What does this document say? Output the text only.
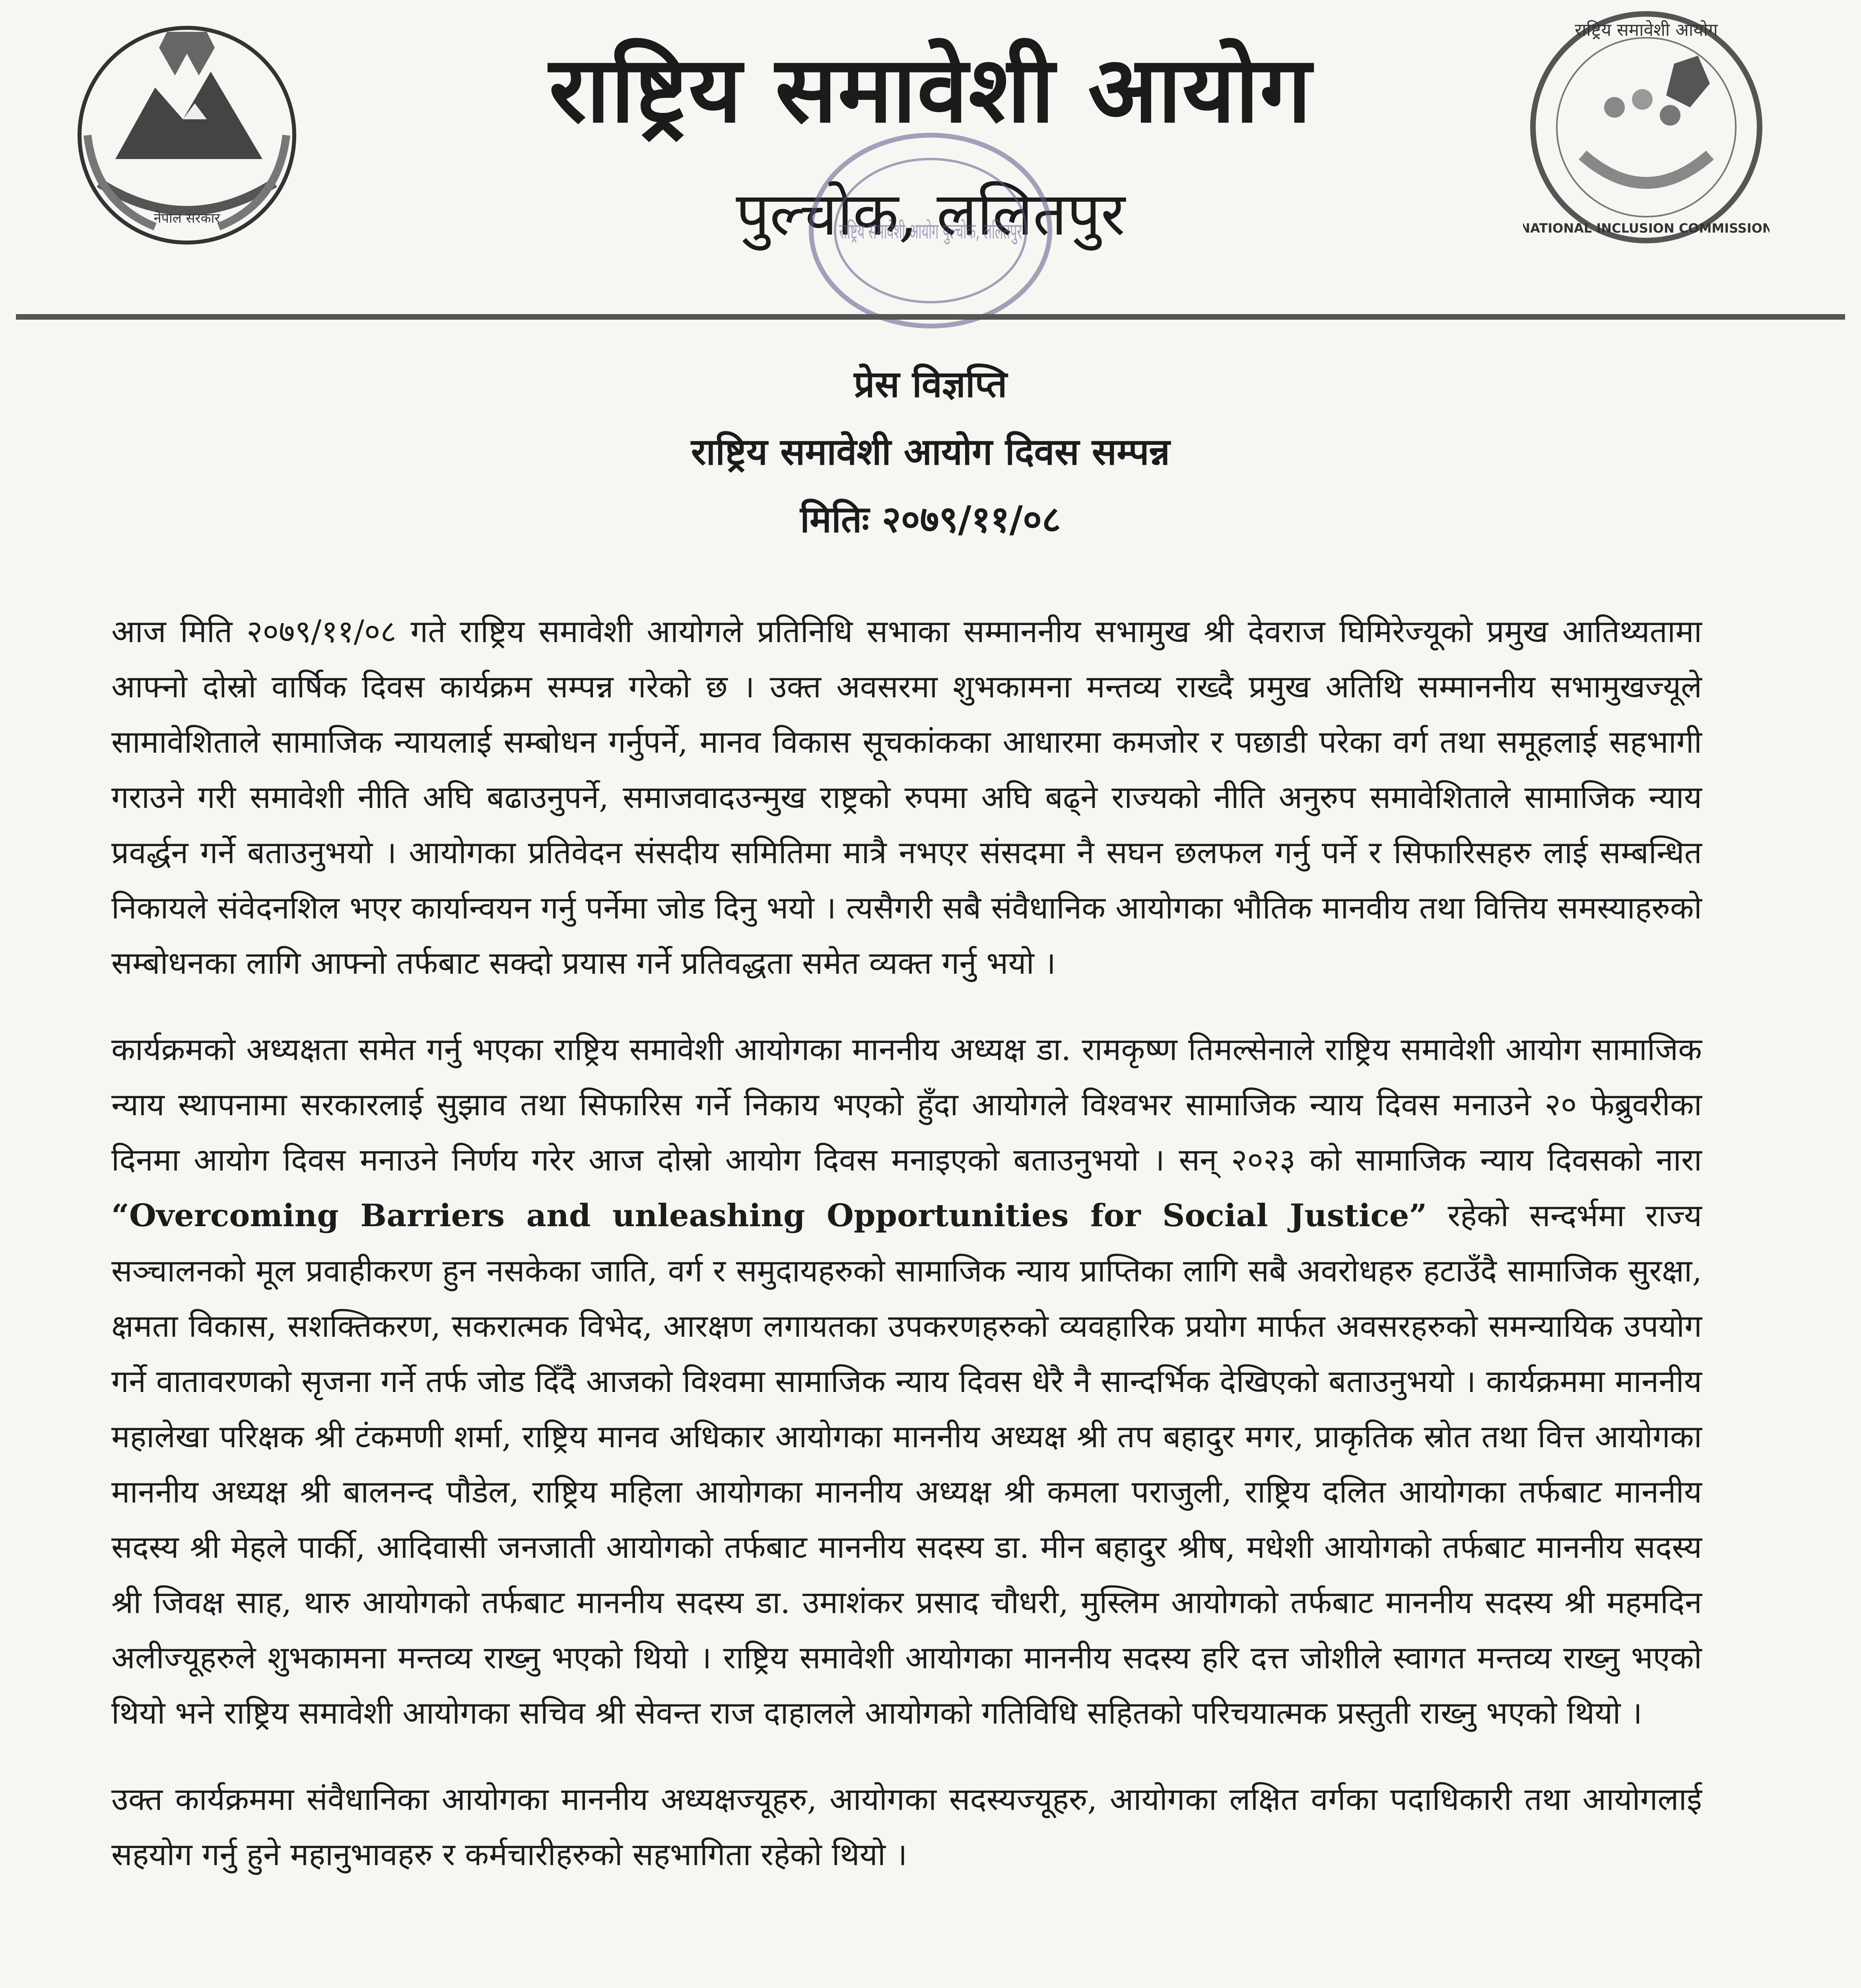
नेपाल सरकार
राष्ट्रिय समावेशी आयोग
पुल्चोक, ललितपुर
राष्ट्रिय समावेशी आयोग पु
राष्ट्रिय समावेशी आयोग
NATIONAL INCLUSION COMMISSION
प्रेस विज्ञप्ति
राष्ट्रिय समावेशी आयोग दिवस सम्पन्न
मितिः २०७९/११/०८

आज मिति २०७९/११/०८ गते राष्ट्रिय समावेशी आयोगले प्रतिनिधि सभाका सम्माननीय सभामुख श्री देवराज घिमिरेज्यूको प्रमुख आतिथ्यतामा आफ्नो दोस्रो वार्षिक दिवस कार्यक्रम सम्पन्न गरेको छ । उक्त अवसरमा शुभकामना मन्तव्य राख्दै प्रमुख अतिथि सम्माननीय सभामुखज्यूले सामावेशिताले सामाजिक न्यायलाई सम्बोधन गर्नुपर्ने, मानव विकास सूचकांकका आधारमा कमजोर र पछाडी परेका वर्ग तथा समूहलाई सहभागी गराउने गरी समावेशी नीति अघि बढाउनुपर्ने, समाजवादउन्मुख राष्ट्रको रुपमा अघि बढ्ने राज्यको नीति अनुरुप समावेशिताले सामाजिक न्याय प्रवर्द्धन गर्ने बताउनुभयो । आयोगका प्रतिवेदन संसदीय समितिमा मात्रै नभएर संसदमा नै सघन छलफल गर्नु पर्ने र सिफारिसहरु लाई सम्बन्धित निकायले संवेदनशिल भएर कार्यान्वयन गर्नु पर्नेमा जोड दिनु भयो । त्यसैगरी सबै संवैधानिक आयोगका भौतिक मानवीय तथा वित्तिय समस्याहरुको सम्बोधनका लागि आफ्नो तर्फबाट सक्दो प्रयास गर्ने प्रतिवद्धता समेत व्यक्त गर्नु भयो ।

कार्यक्रमको अध्यक्षता समेत गर्नु भएका राष्ट्रिय समावेशी आयोगका माननीय अध्यक्ष डा. रामकृष्ण तिमल्सेनाले राष्ट्रिय समावेशी आयोग सामाजिक न्याय स्थापनामा सरकारलाई सुझाव तथा सिफारिस गर्ने निकाय भएको हुँदा आयोगले विश्वभर सामाजिक न्याय दिवस मनाउने २० फेब्रुवरीका दिनमा आयोग दिवस मनाउने निर्णय गरेर आज दोस्रो आयोग दिवस मनाइएको बताउनुभयो । सन् २०२३ को सामाजिक न्याय दिवसको नारा “Overcoming Barriers and unleashing Opportunities for Social Justice” रहेको सन्दर्भमा राज्य सञ्चालनको मूल प्रवाहीकरण हुन नसकेका जाति, वर्ग र समुदायहरुको सामाजिक न्याय प्राप्तिका लागि सबै अवरोधहरु हटाउँदै सामाजिक सुरक्षा, क्षमता विकास, सशक्तिकरण, सकरात्मक विभेद, आरक्षण लगायतका उपकरणहरुको व्यवहारिक प्रयोग मार्फत अवसरहरुको समन्यायिक उपयोग गर्ने वातावरणको सृजना गर्ने तर्फ जोड दिँदै आजको विश्वमा सामाजिक न्याय दिवस धेरै नै सान्दर्भिक देखिएको बताउनुभयो । कार्यक्रममा माननीय महालेखा परिक्षक श्री टंकमणी शर्मा, राष्ट्रिय मानव अधिकार आयोगका माननीय अध्यक्ष श्री तप बहादुर मगर, प्राकृतिक स्रोत तथा वित्त आयोगका माननीय अध्यक्ष श्री बालनन्द पौडेल, राष्ट्रिय महिला आयोगका माननीय अध्यक्ष श्री कमला पराजुली, राष्ट्रिय दलित आयोगका तर्फबाट माननीय सदस्य श्री मेहले पार्की, आदिवासी जनजाती आयोगको तर्फबाट माननीय सदस्य डा. मीन बहादुर श्रीष, मधेशी आयोगको तर्फबाट माननीय सदस्य श्री जिवक्ष साह, थारु आयोगको तर्फबाट माननीय सदस्य डा. उमाशंकर प्रसाद चौधरी, मुस्लिम आयोगको तर्फबाट माननीय सदस्य श्री महमदिन अलीज्यूहरुले शुभकामना मन्तव्य राख्नु भएको थियो । राष्ट्रिय समावेशी आयोगका माननीय सदस्य हरि दत्त जोशीले स्वागत मन्तव्य राख्नु भएको थियो भने राष्ट्रिय समावेशी आयोगका सचिव श्री सेवन्त राज दाहालले आयोगको गतिविधि सहितको परिचयात्मक प्रस्तुती राख्नु भएको थियो ।

उक्त कार्यक्रममा संवैधानिका आयोगका माननीय अध्यक्षज्यूहरु, आयोगका सदस्यज्यूहरु, आयोगका लक्षित वर्गका पदाधिकारी तथा आयोगलाई सहयोग गर्नु हुने महानुभावहरु र कर्मचारीहरुको सहभागिता रहेको थियो ।
